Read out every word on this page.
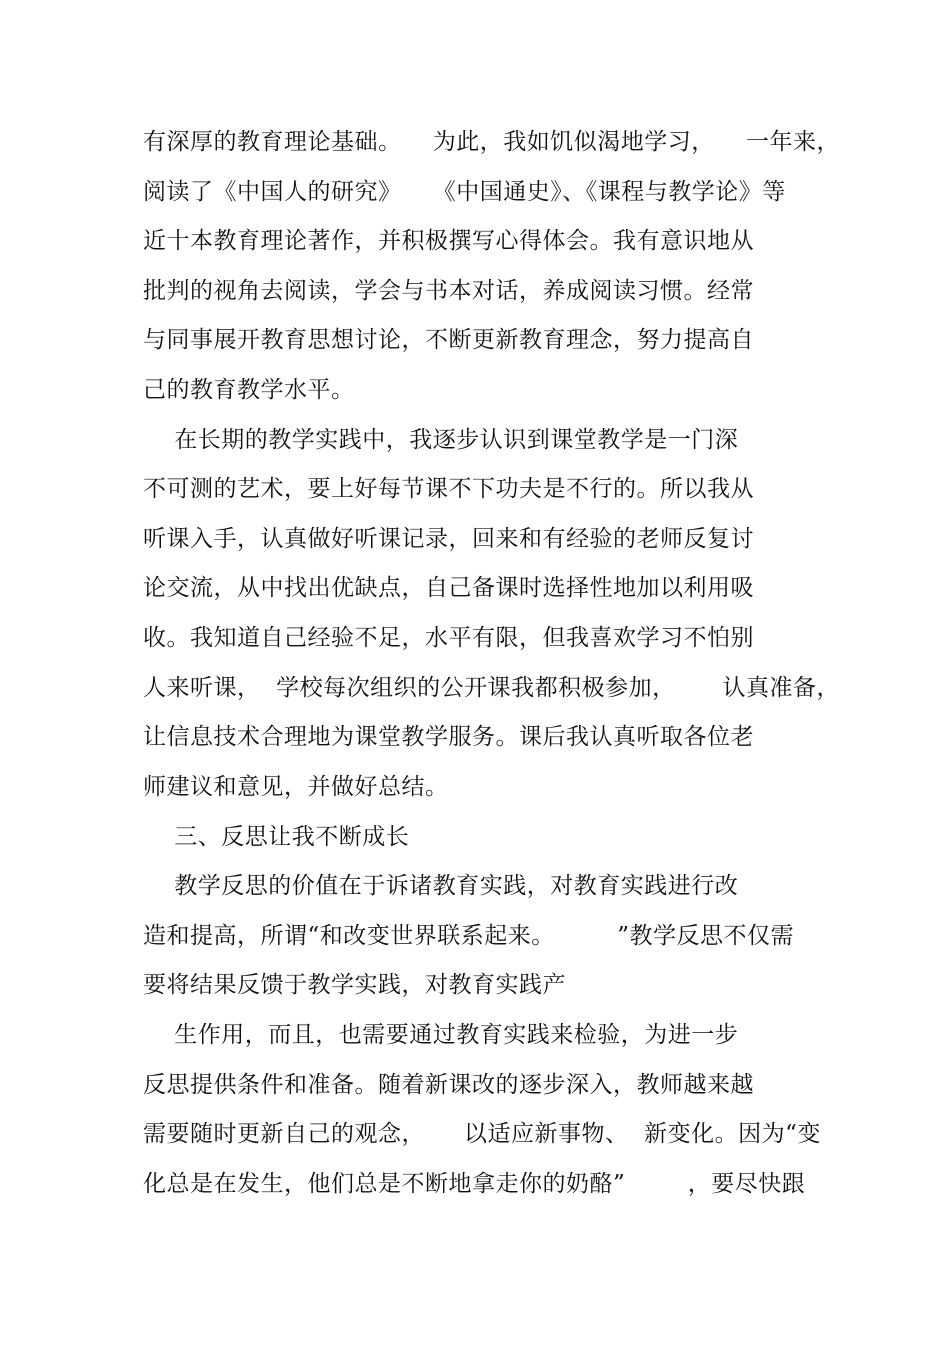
有深厚的教育理论基础。    为此，我如饥似渴地学习，    一年来，
阅读了《中国人的研究》    《中国通史》、《课程与教学论》等
近十本教育理论著作，并积极撰写心得体会。我有意识地从
批判的视角去阅读，学会与书本对话，养成阅读习惯。经常
与同事展开教育思想讨论，不断更新教育理念，努力提高自
己的教育教学水平。
在长期的教学实践中，我逐步认识到课堂教学是一门深
不可测的艺术，要上好每节课不下功夫是不行的。所以我从
听课入手，认真做好听课记录，回来和有经验的老师反复讨
论交流，从中找出优缺点，自己备课时选择性地加以利用吸
收。我知道自己经验不足，水平有限，但我喜欢学习不怕别
人来听课，  学校每次组织的公开课我都积极参加，      认真准备，
让信息技术合理地为课堂教学服务。课后我认真听取各位老
师建议和意见，并做好总结。
三、反思让我不断成长
教学反思的价值在于诉诸教育实践，对教育实践进行改
造和提高，所谓“和改变世界联系起来。        ”教学反思不仅需
要将结果反馈于教学实践，对教育实践产
生作用，而且，也需要通过教育实践来检验，为进一步
反思提供条件和准备。随着新课改的逐步深入，教师越来越
需要随时更新自己的观念，     以适应新事物、  新变化。因为“变
化总是在发生，他们总是不断地拿走你的奶酪”        ，要尽快跟
